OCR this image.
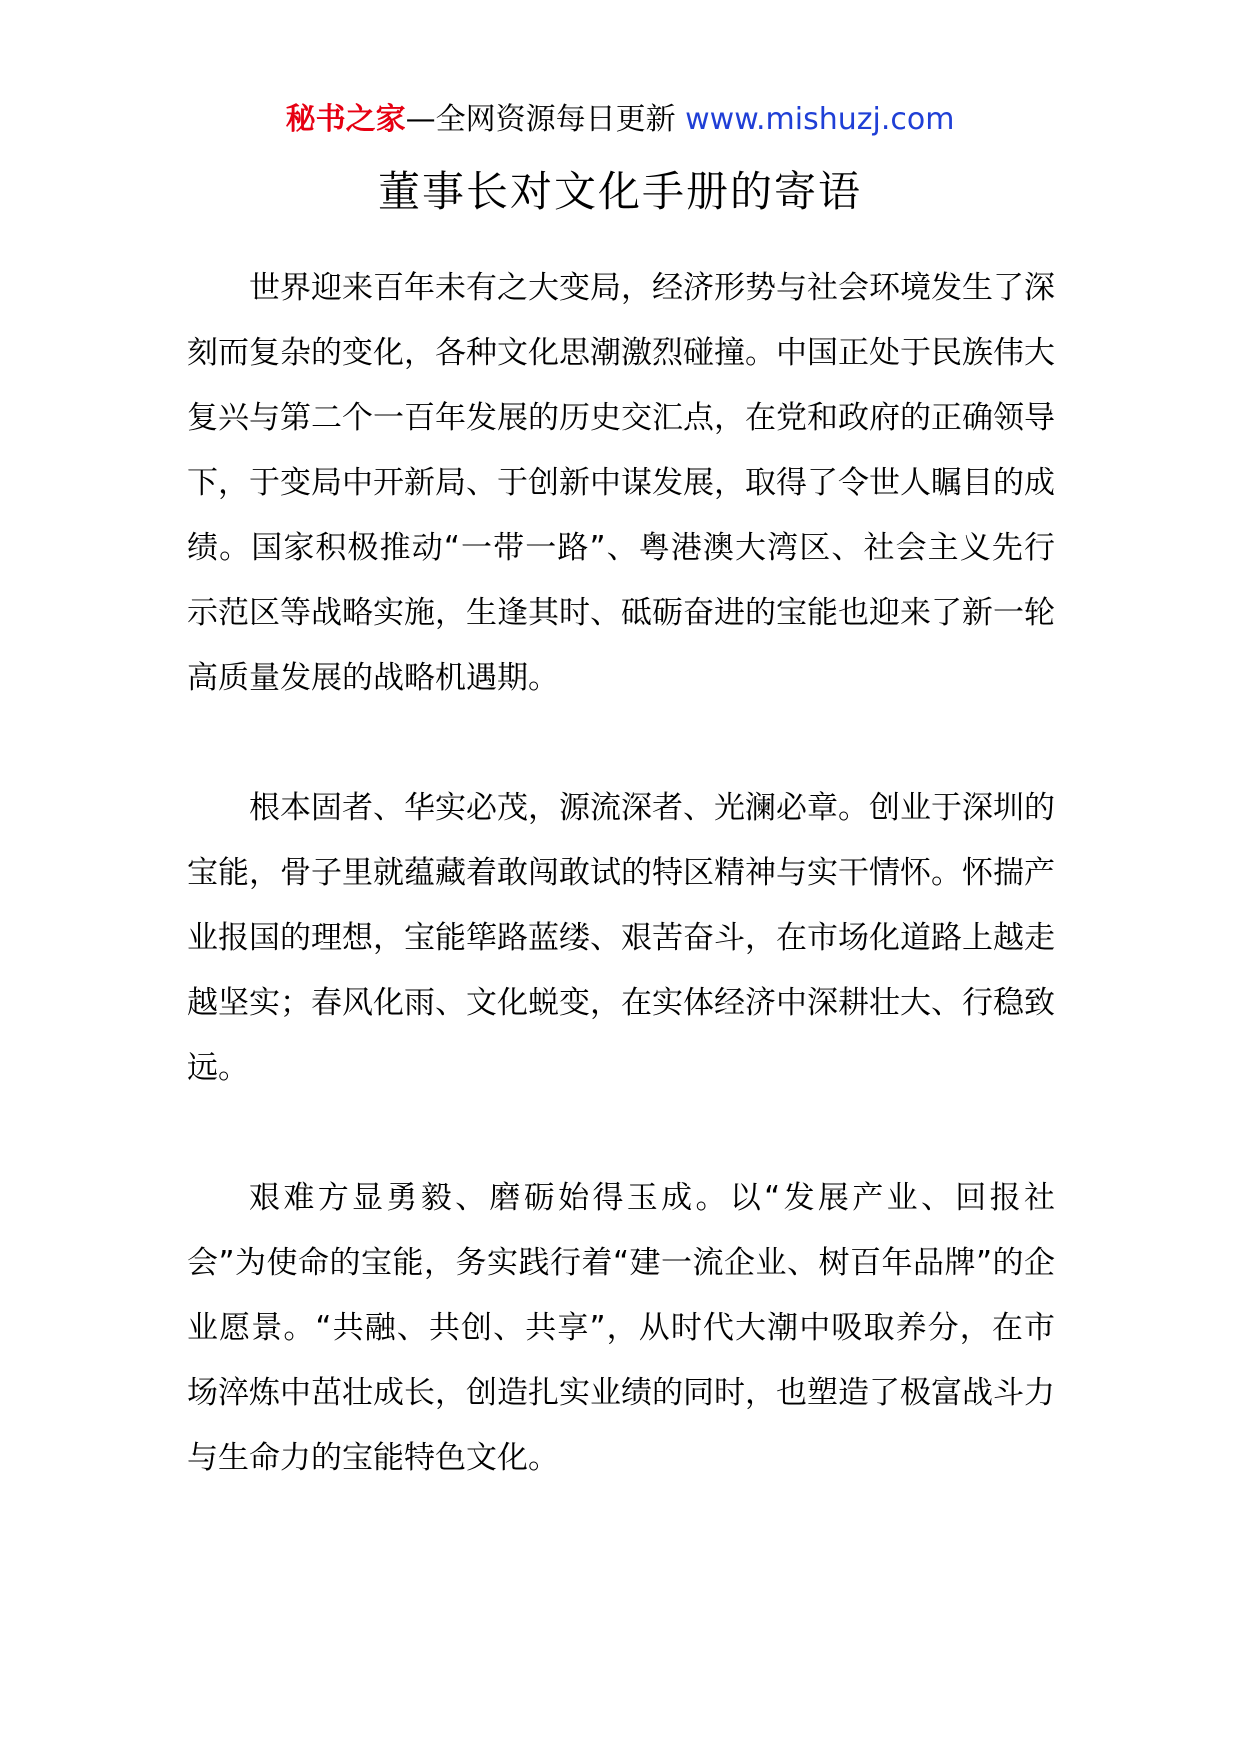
秘书之家—全网资源每日更新 www.mishuzj.com
董事长对文化手册的寄语

世界迎来百年未有之大变局，经济形势与社会环境发生了深刻而复杂的变化，各种文化思潮激烈碰撞。中国正处于民族伟大复兴与第二个一百年发展的历史交汇点，在党和政府的正确领导下，于变局中开新局、于创新中谋发展，取得了令世人瞩目的成绩。国家积极推动“一带一路”、粤港澳大湾区、社会主义先行示范区等战略实施，生逢其时、砥砺奋进的宝能也迎来了新一轮高质量发展的战略机遇期。

根本固者、华实必茂，源流深者、光澜必章。创业于深圳的宝能，骨子里就蕴藏着敢闯敢试的特区精神与实干情怀。怀揣产业报国的理想，宝能筚路蓝缕、艰苦奋斗，在市场化道路上越走越坚实；春风化雨、文化蜕变，在实体经济中深耕壮大、行稳致远。

艰难方显勇毅、磨砺始得玉成。以“发展产业、回报社会”为使命的宝能，务实践行着“建一流企业、树百年品牌”的企业愿景。“共融、共创、共享”，从时代大潮中吸取养分，在市场淬炼中茁壮成长，创造扎实业绩的同时，也塑造了极富战斗力与生命力的宝能特色文化。
